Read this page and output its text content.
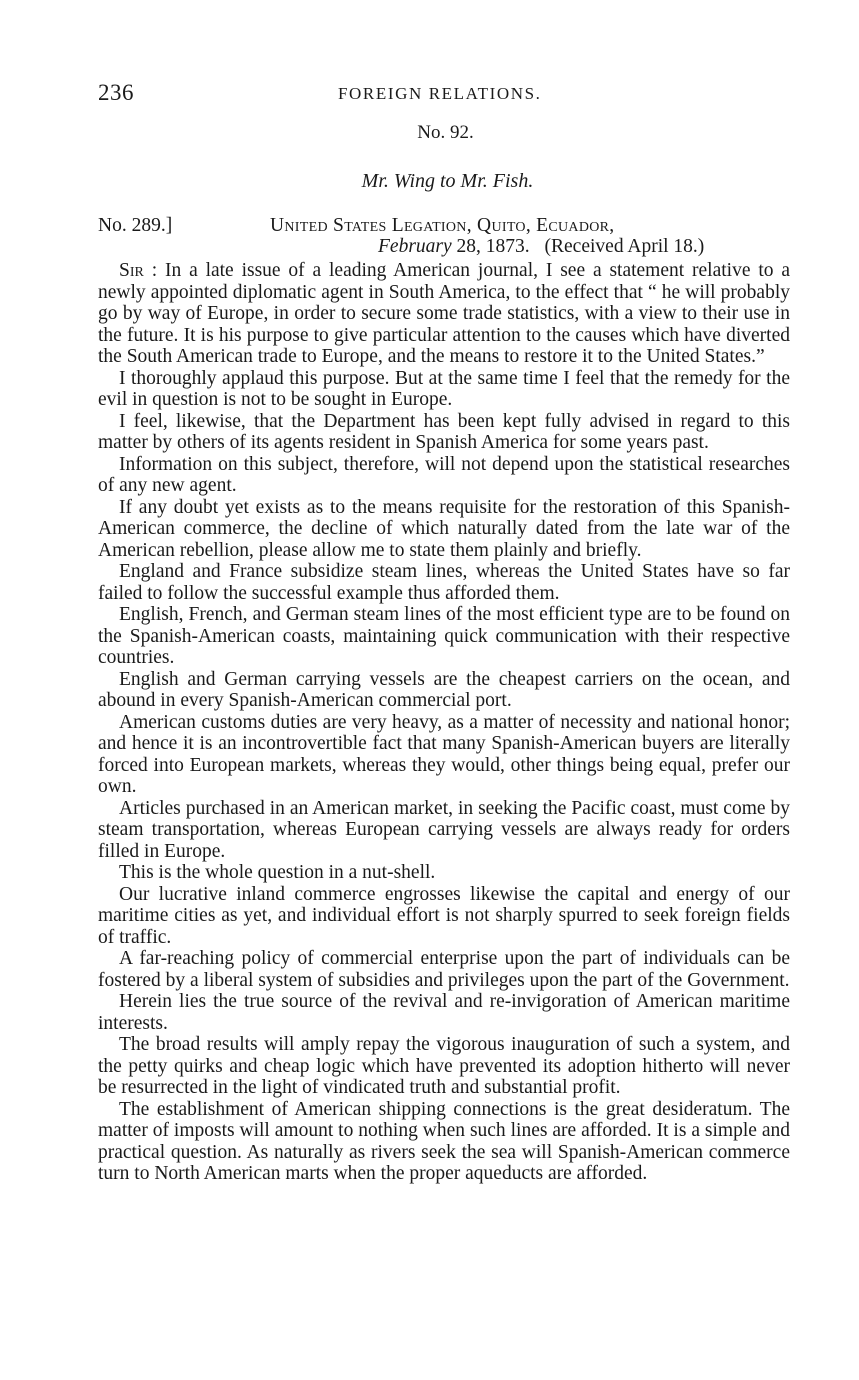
236	FOREIGN RELATIONS.
No. 92.
Mr. Wing to Mr. Fish.
No. 289.]	United States Legation, Quito, Ecuador,
February 28, 1873. (Received April 18.)

Sir : In a late issue of a leading American journal, I see a statement relative to a newly appointed diplomatic agent in South America, to the effect that “ he will probably go by way of Europe, in order to secure some trade statistics, with a view to their use in the future. It is his purpose to give particular attention to the causes which have diverted the South American trade to Europe, and the means to restore it to the United States.”

I thoroughly applaud this purpose. But at the same time I feel that the remedy for the evil in question is not to be sought in Europe.

I feel, likewise, that the Department has been kept fully advised in regard to this matter by others of its agents resident in Spanish America for some years past.

Information on this subject, therefore, will not depend upon the statistical researches of any new agent.

If any doubt yet exists as to the means requisite for the restoration of this Spanish-American commerce, the decline of which naturally dated from the late war of the American rebellion, please allow me to state them plainly and briefly.

England and France subsidize steam lines, whereas the United States have so far failed to follow the successful example thus afforded them.

English, French, and German steam lines of the most efficient type are to be found on the Spanish-American coasts, maintaining quick communication with their respective countries.

English and German carrying vessels are the cheapest carriers on the ocean, and abound in every Spanish-American commercial port.

American customs duties are very heavy, as a matter of necessity and national honor; and hence it is an incontrovertible fact that many Spanish-American buyers are literally forced into European markets, whereas they would, other things being equal, prefer our own.

Articles purchased in an American market, in seeking the Pacific coast, must come by steam transportation, whereas European carrying vessels are always ready for orders filled in Europe.

This is the whole question in a nut-shell.

Our lucrative inland commerce engrosses likewise the capital and energy of our maritime cities as yet, and individual effort is not sharply spurred to seek foreign fields of traffic.

A far-reaching policy of commercial enterprise upon the part of individuals can be fostered by a liberal system of subsidies and privileges upon the part of the Government.

Herein lies the true source of the revival and re-invigoration of American maritime interests.

The broad results will amply repay the vigorous inauguration of such a system, and the petty quirks and cheap logic which have prevented its adoption hitherto will never be resurrected in the light of vindicated truth and substantial profit.

The establishment of American shipping connections is the great desideratum. The matter of imposts will amount to nothing when such lines are afforded. It is a simple and practical question. As naturally as rivers seek the sea will Spanish-American commerce turn to North American marts when the proper aqueducts are afforded.
